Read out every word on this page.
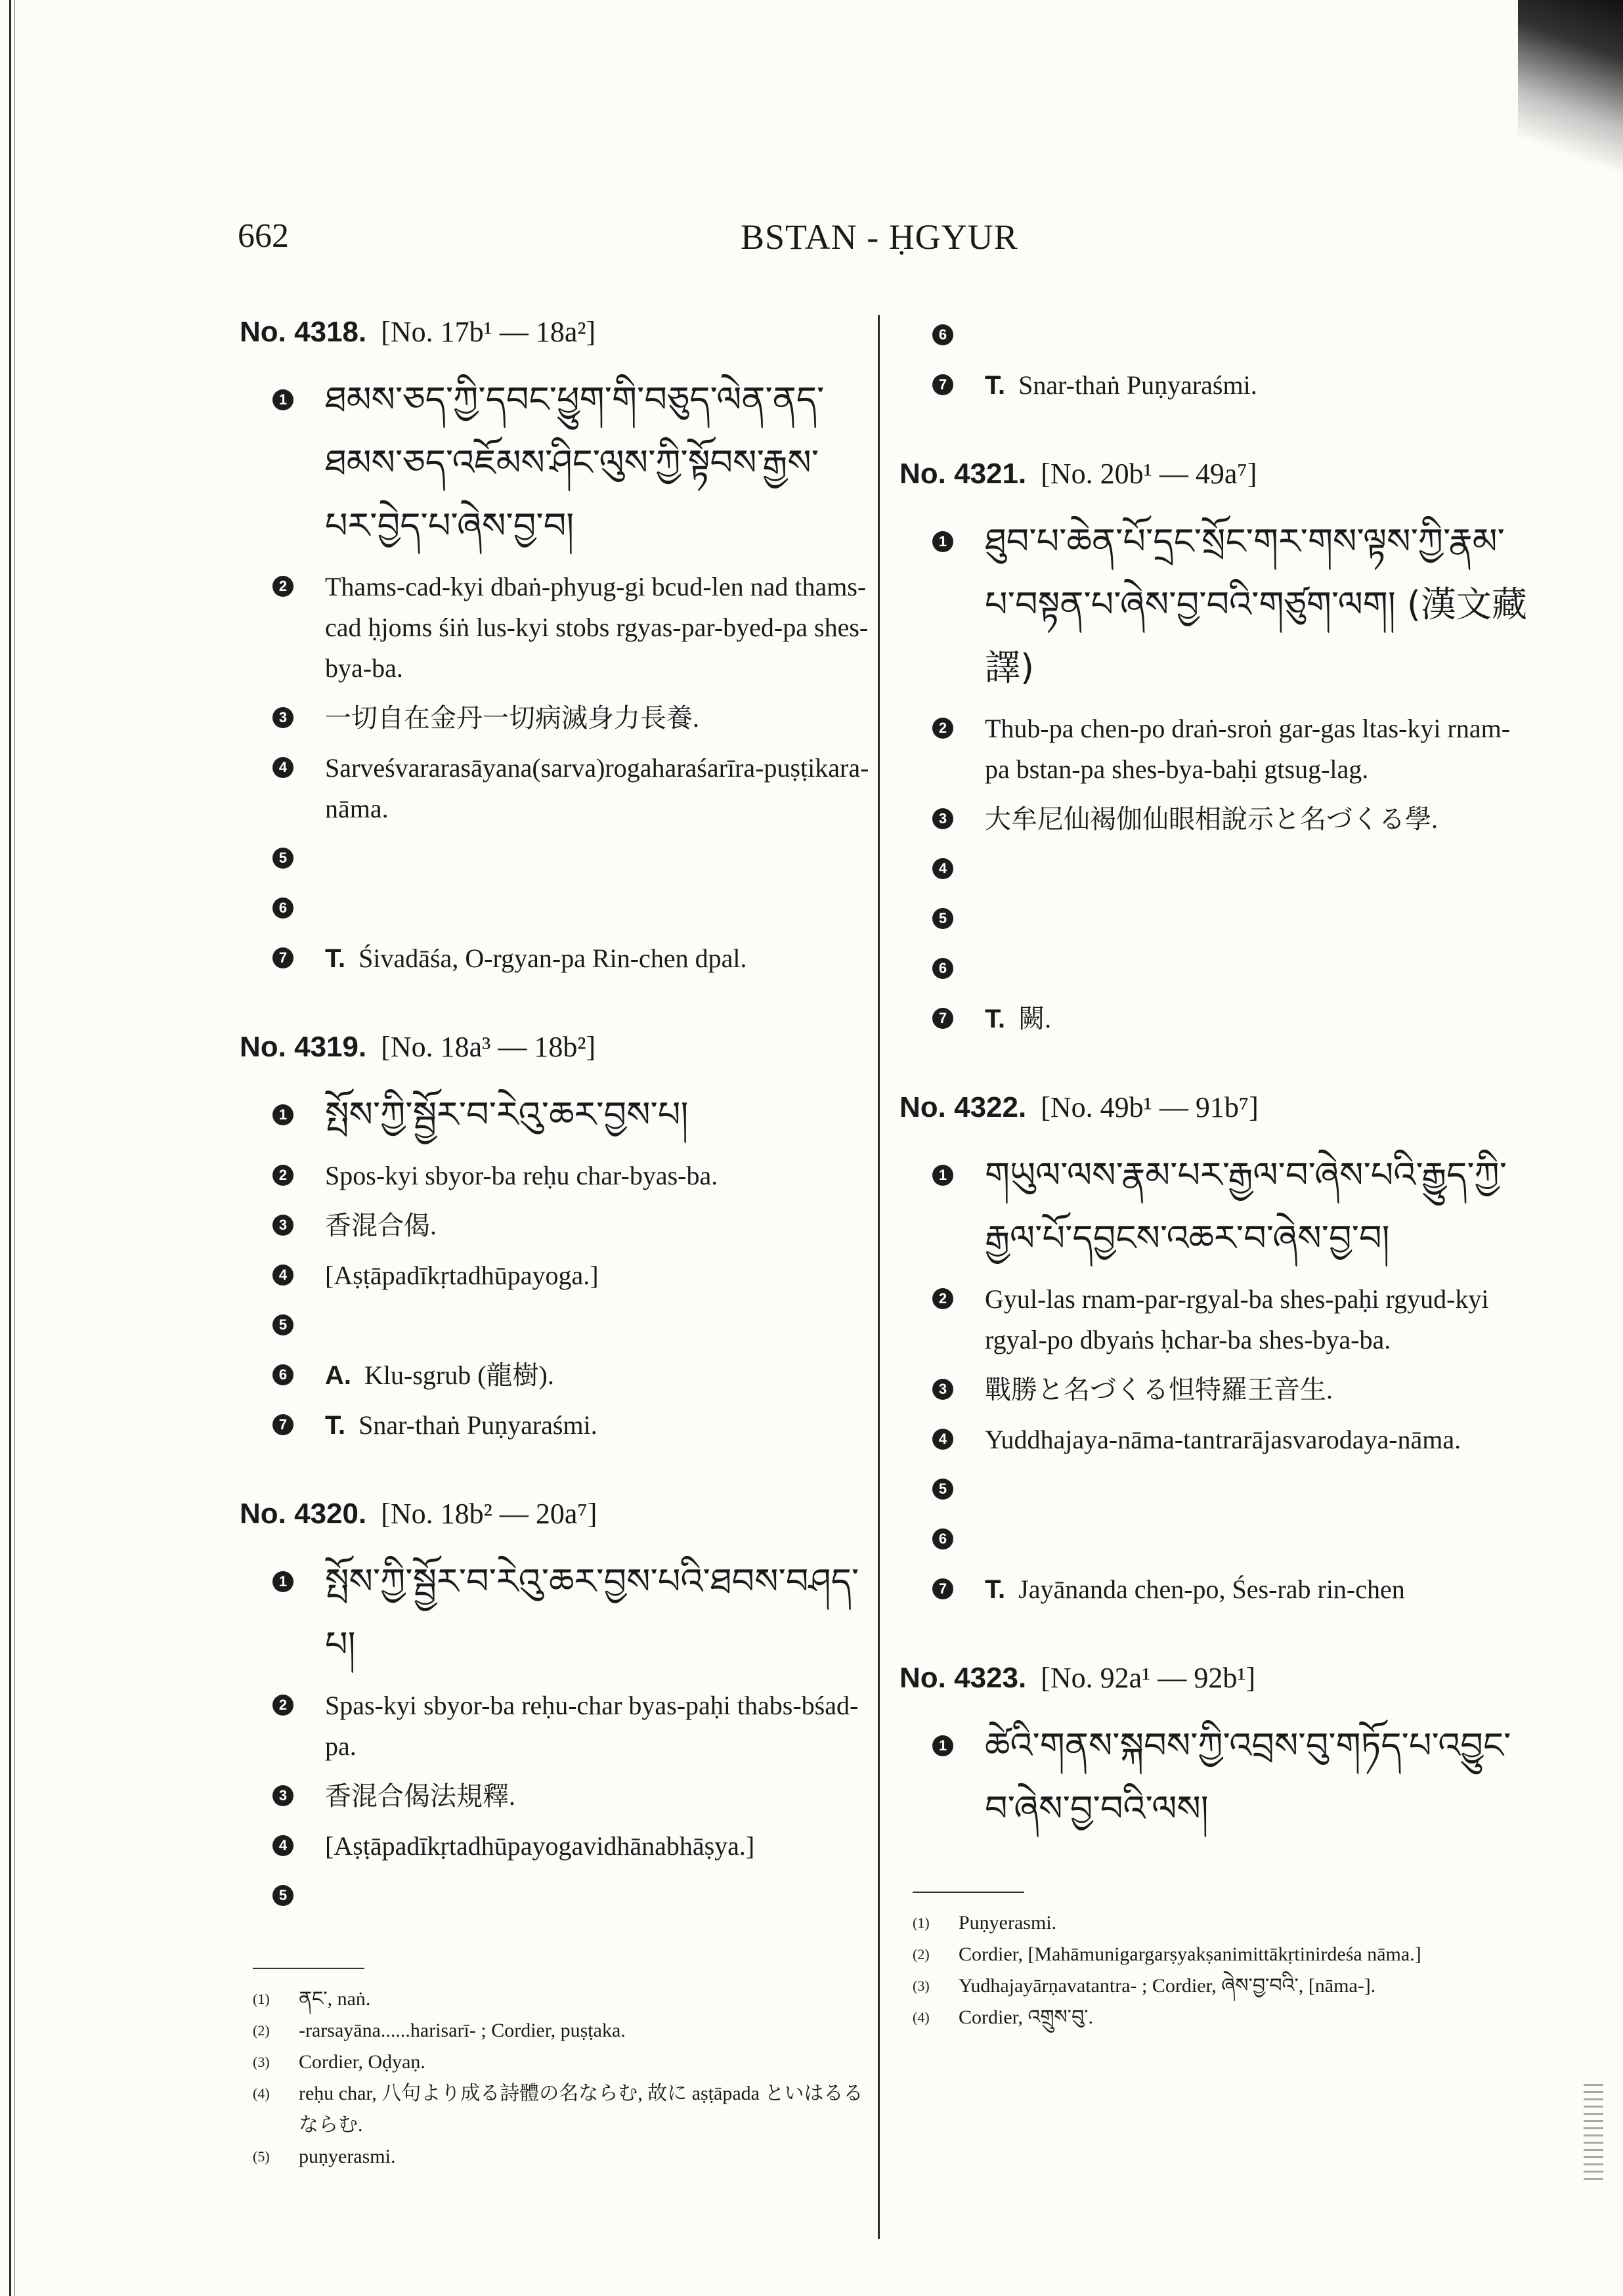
662	BSTAN - ḤGYUR
No. 4318. [No. 17b¹ — 18a²]
1 ཐམས་ཅད་ཀྱི་དབང་ཕྱུག་གི་བཅུད་ལེན་ནད་ཐམས་ཅད་འཇོམས་ཤིང་ལུས་ཀྱི་སྟོབས་རྒྱས་པར་བྱེད་པ་ཞེས་བྱ་བ།
2 Thams-cad-kyi dbaṅ-phyug-gi bcud-len nad thams-cad ḥjoms śiṅ lus-kyi stobs rgyas-par-byed-pa shes-bya-ba.
3 一切自在金丹一切病滅身力長養.
4 Sarveśvararasāyana(sarva)rogaharaśarīra-puṣṭikara-nāma.
5
6
7 T. Śivadāśa, O-rgyan-pa Rin-chen dpal.
No. 4319. [No. 18a³ — 18b²]
1 སྤོས་ཀྱི་སྦྱོར་བ་རེའུ་ཆར་བྱས་པ།
2 Spos-kyi sbyor-ba reḥu char-byas-ba.
3 香混合偈.
4 [Aṣṭāpadīkṛtadhūpayoga.]
5
6 A. Klu-sgrub (龍樹).
7 T. Snar-thaṅ Puṇyaraśmi.
No. 4320. [No. 18b² — 20a⁷]
1 སྤོས་ཀྱི་སྦྱོར་བ་རེའུ་ཆར་བྱས་པའི་ཐབས་བཤད་པ།
2 Spas-kyi sbyor-ba reḥu-char byas-paḥi thabs-bśad-pa.
3 香混合偈法規釋.
4 [Aṣṭāpadīkṛtadhūpayogavidhānabhāṣya.]
5
(1) ནང་, naṅ.
(2) -rarsayāna......harisarī- ; Cordier, puṣṭaka.
(3) Cordier, Oḍyaṇ.
(4) reḥu char, 八句より成る詩體の名ならむ, 故に aṣṭāpada といはるるならむ.
(5) puṇyerasmi.
6
7 T. Snar-thaṅ Puṇyaraśmi.
No. 4321. [No. 20b¹ — 49a⁷]
1 ཐུབ་པ་ཆེན་པོ་དྲང་སྲོང་གར་གས་ལྟས་ཀྱི་རྣམ་པ་བསྟན་པ་ཞེས་བྱ་བའི་གཙུག་ལག། (漢文藏譯)
2 Thub-pa chen-po draṅ-sroṅ gar-gas ltas-kyi rnam-pa bstan-pa shes-bya-baḥi gtsug-lag.
3 大牟尼仙褐伽仙眼相說示と名づくる學.
4
5
6
7 T. 闕.
No. 4322. [No. 49b¹ — 91b⁷]
1 གཡུལ་ལས་རྣམ་པར་རྒྱལ་བ་ཞེས་པའི་རྒྱུད་ཀྱི་རྒྱལ་པོ་དབྱངས་འཆར་བ་ཞེས་བྱ་བ།
2 Gyul-las rnam-par-rgyal-ba shes-paḥi rgyud-kyi rgyal-po dbyaṅs ḥchar-ba shes-bya-ba.
3 戰勝と名づくる怛特羅王音生.
4 Yuddhajaya-nāma-tantrarājasvarodaya-nāma.
5
6
7 T. Jayānanda chen-po, Śes-rab rin-chen
No. 4323. [No. 92a¹ — 92b¹]
1 ཚེའི་གནས་སྐབས་ཀྱི་འབྲས་བུ་གཏོད་པ་འབྱུང་བ་ཞེས་བྱ་བའི་ལས།
(1) Puṇyerasmi.
(2) Cordier, [Mahāmunigargarṣyakṣanimittākṛtinirdeśa nāma.]
(3) Yudhajayārṇavatantra- ; Cordier, ཞེས་བྱ་བའི་, [nāma-].
(4) Cordier, འགྲུས་བུ་.
